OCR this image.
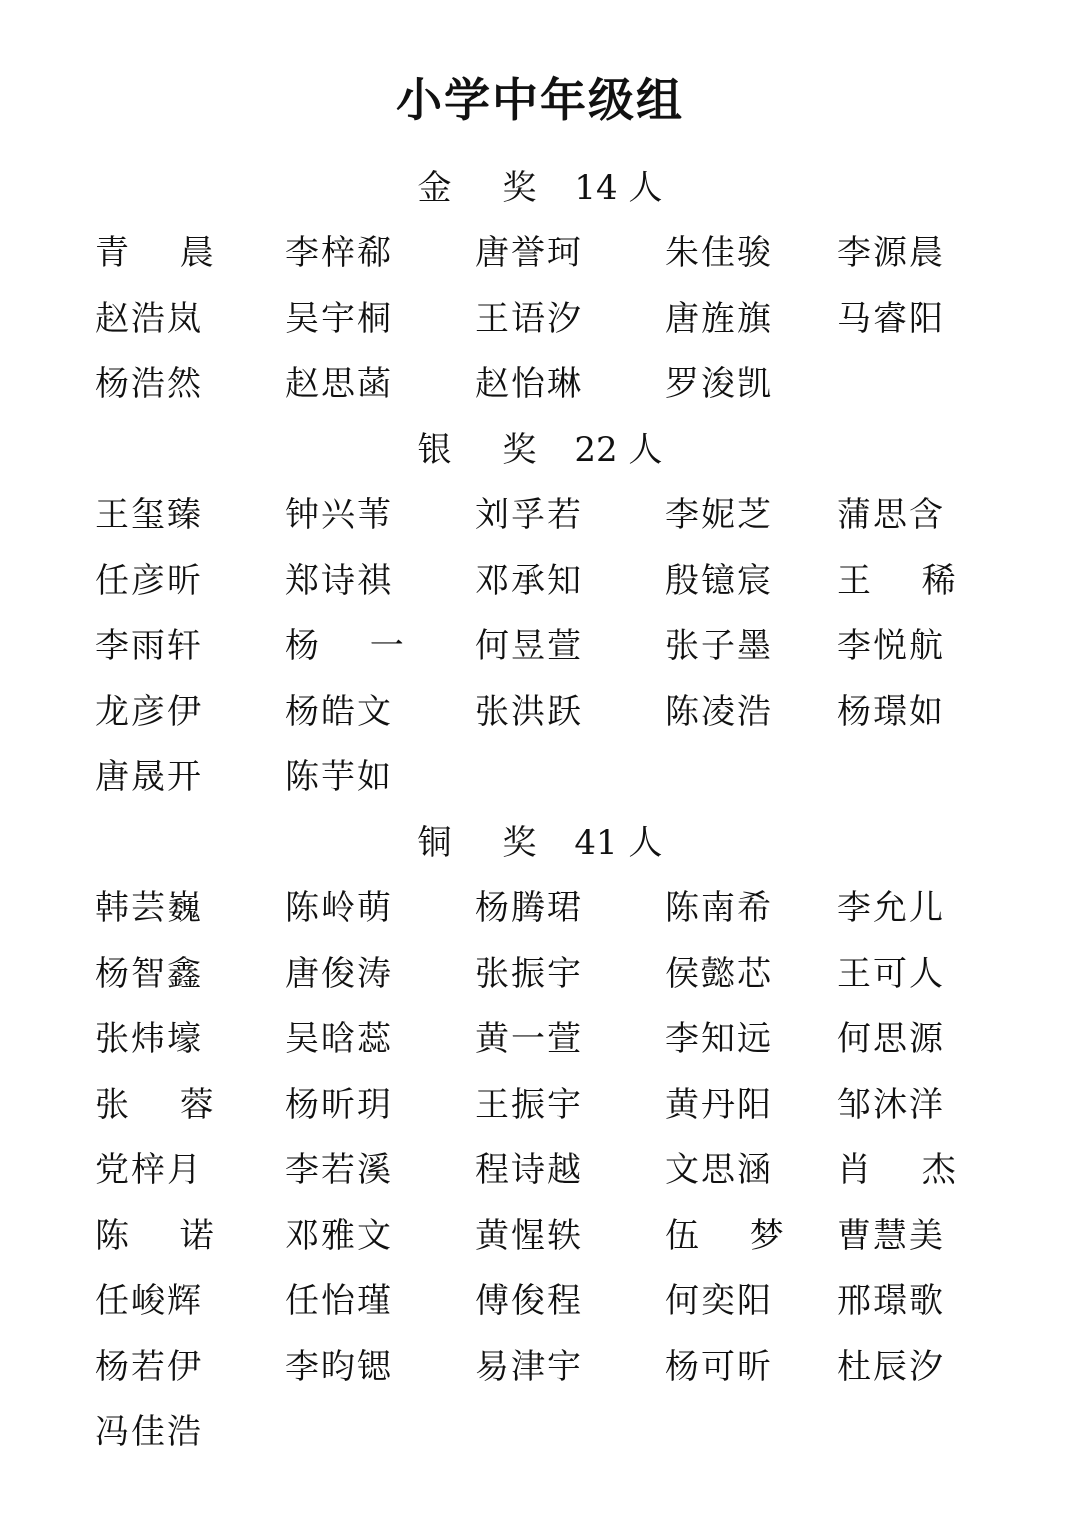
小学中年级组
金 奖 14 人
青　 晨	李梓郗	唐誉珂	朱佳骏	李源晨
赵浩岚	吴宇桐	王语汐	唐旌旗	马睿阳
杨浩然	赵思菡	赵怡琳	罗浚凯
银 奖 22 人
王玺臻	钟兴苇	刘孚若	李妮芝	蒲思含
任彦昕	郑诗祺	邓承知	殷镱宸	王　 稀
李雨轩	杨　 一	何昱萱	张子墨	李悦航
龙彦伊	杨皓文	张洪跃	陈凌浩	杨璟如
唐晟开	陈芋如
铜 奖 41 人
韩芸巍	陈岭萌	杨腾珺	陈南希	李允儿
杨智鑫	唐俊涛	张振宇	侯懿芯	王可人
张炜壕	吴晗蕊	黄一萱	李知远	何思源
张　 蓉	杨昕玥	王振宇	黄丹阳	邹沐洋
党梓月	李若溪	程诗越	文思涵	肖　 杰
陈　 诺	邓雅文	黄惺轶	伍　 梦	曹慧美
任峻辉	任怡瑾	傅俊程	何奕阳	邢璟歌
杨若伊	李昀锶	易津宇	杨可昕	杜辰汐
冯佳浩
